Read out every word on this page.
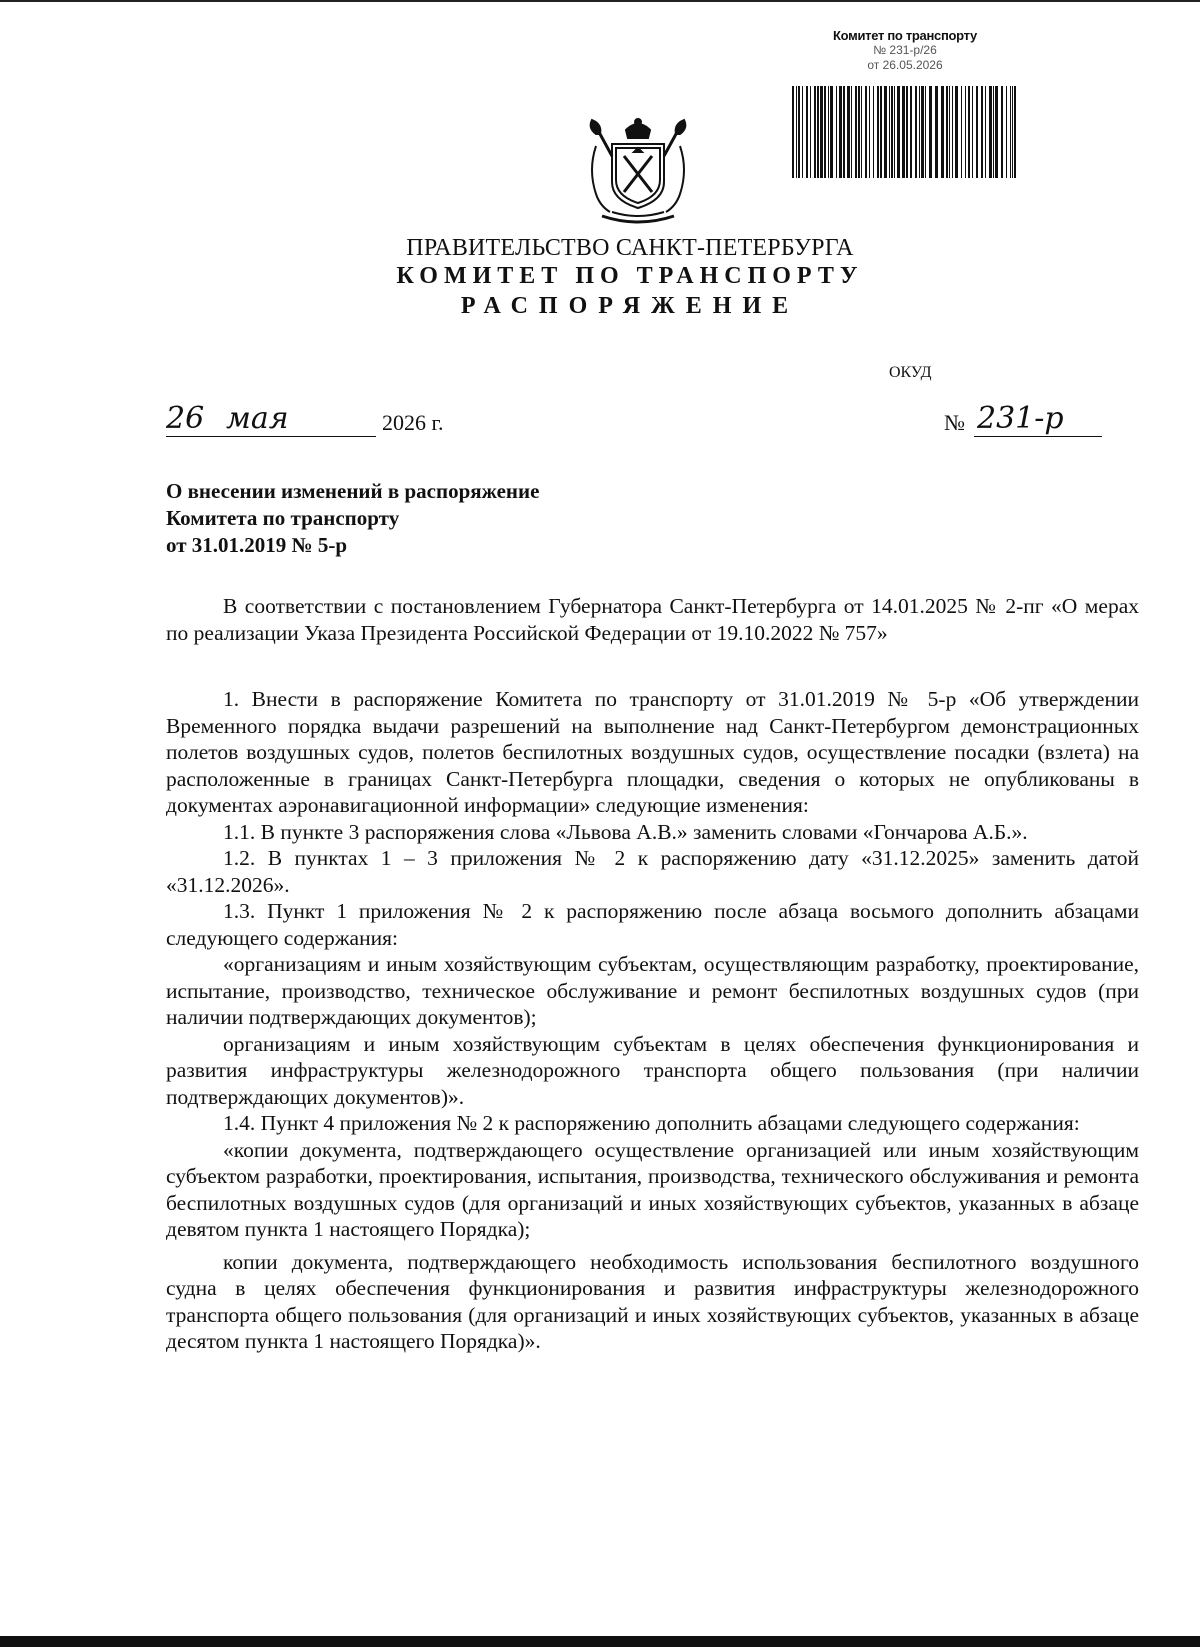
Комитет по транспорту
№ 231-р/26
от 26.05.2026
ПРАВИТЕЛЬСТВО САНКТ-ПЕТЕРБУРГА
КОМИТЕТ ПО ТРАНСПОРТУ
РАСПОРЯЖЕНИЕ
ОКУД
26 мая	2026 г.	№ 231-р
О внесении изменений в распоряжение
Комитета по транспорту
от 31.01.2019 № 5-р

В соответствии с постановлением Губернатора Санкт-Петербурга от 14.01.2025 № 2-пг «О мерах по реализации Указа Президента Российской Федерации от 19.10.2022 № 757»

1. Внести в распоряжение Комитета по транспорту от 31.01.2019 № 5-р «Об утверждении Временного порядка выдачи разрешений на выполнение над Санкт-Петербургом демонстрационных полетов воздушных судов, полетов беспилотных воздушных судов, осуществление посадки (взлета) на расположенные в границах Санкт-Петербурга площадки, сведения о которых не опубликованы в документах аэронавигационной информации» следующие изменения:

1.1. В пункте 3 распоряжения слова «Львова А.В.» заменить словами «Гончарова А.Б.».

1.2. В пунктах 1 – 3 приложения № 2 к распоряжению дату «31.12.2025» заменить датой «31.12.2026».

1.3. Пункт 1 приложения № 2 к распоряжению после абзаца восьмого дополнить абзацами следующего содержания:

«организациям и иным хозяйствующим субъектам, осуществляющим разработку, проектирование, испытание, производство, техническое обслуживание и ремонт беспилотных воздушных судов (при наличии подтверждающих документов);

организациям и иным хозяйствующим субъектам в целях обеспечения функционирования и развития инфраструктуры железнодорожного транспорта общего пользования (при наличии подтверждающих документов)».

1.4. Пункт 4 приложения № 2 к распоряжению дополнить абзацами следующего содержания:

«копии документа, подтверждающего осуществление организацией или иным хозяйствующим субъектом разработки, проектирования, испытания, производства, технического обслуживания и ремонта беспилотных воздушных судов (для организаций и иных хозяйствующих субъектов, указанных в абзаце девятом пункта 1 настоящего Порядка);

копии документа, подтверждающего необходимость использования беспилотного воздушного судна в целях обеспечения функционирования и развития инфраструктуры железнодорожного транспорта общего пользования (для организаций и иных хозяйствующих субъектов, указанных в абзаце десятом пункта 1 настоящего Порядка)».
